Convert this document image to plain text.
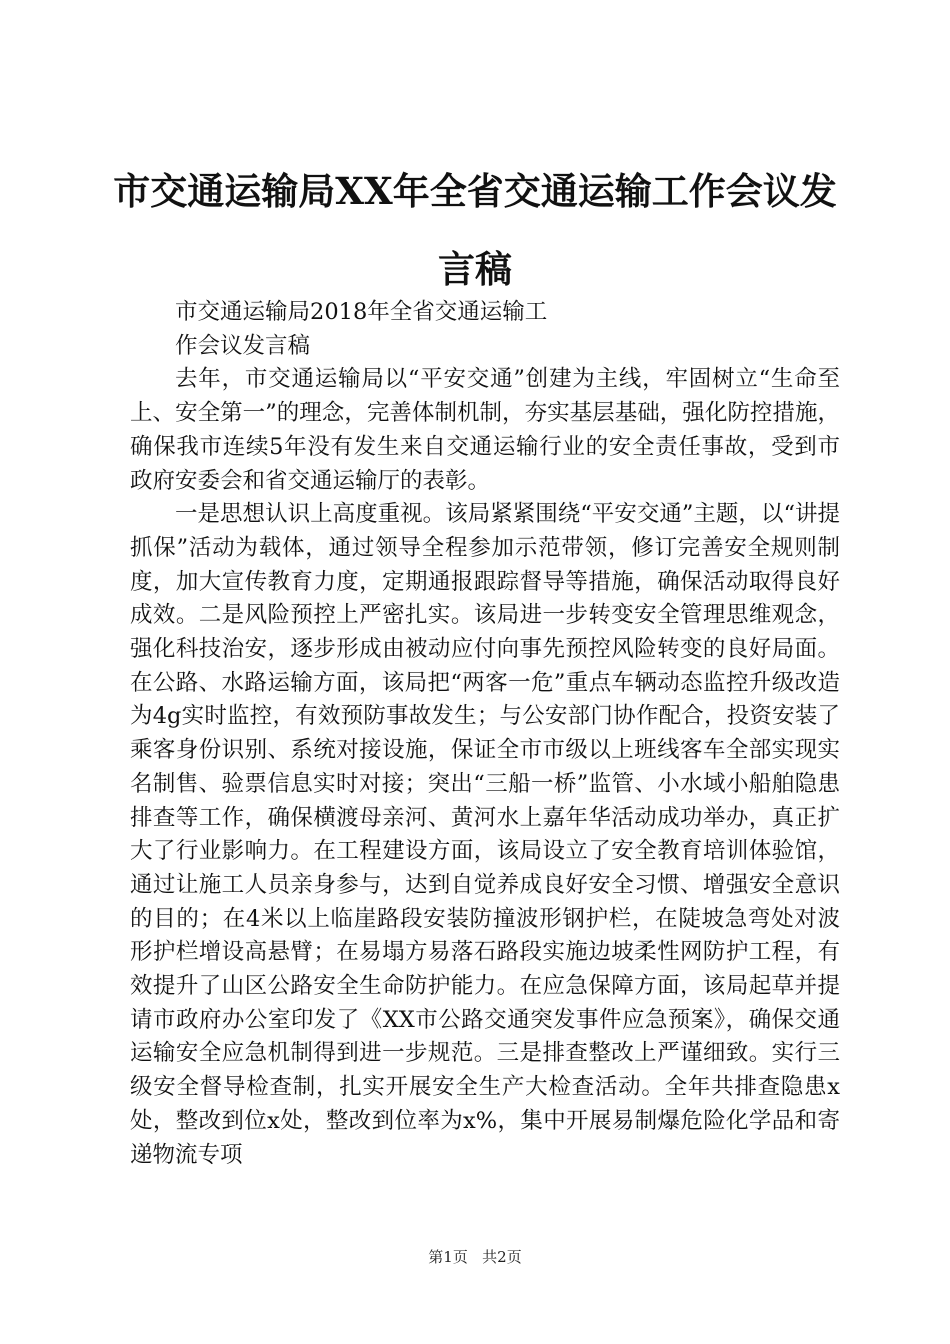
市交通运输局XX年全省交通运输工作会议发言稿

市交通运输局2018年全省交通运输工

作会议发言稿

去年，市交通运输局以“平安交通”创建为主线，牢固树立“生命至上、安全第一”的理念，完善体制机制，夯实基层基础，强化防控措施，确保我市连续5年没有发生来自交通运输行业的安全责任事故，受到市政府安委会和省交通运输厅的表彰。

一是思想认识上高度重视。该局紧紧围绕“平安交通”主题，以“讲提抓保”活动为载体，通过领导全程参加示范带领，修订完善安全规则制度，加大宣传教育力度，定期通报跟踪督导等措施，确保活动取得良好成效。二是风险预控上严密扎实。该局进一步转变安全管理思维观念，强化科技治安，逐步形成由被动应付向事先预控风险转变的良好局面。在公路、水路运输方面，该局把“两客一危”重点车辆动态监控升级改造为4g实时监控，有效预防事故发生；与公安部门协作配合，投资安装了乘客身份识别、系统对接设施，保证全市市级以上班线客车全部实现实名制售、验票信息实时对接；突出“三船一桥”监管、小水域小船舶隐患排查等工作，确保横渡母亲河、黄河水上嘉年华活动成功举办，真正扩大了行业影响力。在工程建设方面，该局设立了安全教育培训体验馆，通过让施工人员亲身参与，达到自觉养成良好安全习惯、增强安全意识的目的；在4米以上临崖路段安装防撞波形钢护栏，在陡坡急弯处对波形护栏增设高悬臂；在易塌方易落石路段实施边坡柔性网防护工程，有效提升了山区公路安全生命防护能力。在应急保障方面，该局起草并提请市政府办公室印发了《XX市公路交通突发事件应急预案》，确保交通运输安全应急机制得到进一步规范。三是排查整改上严谨细致。实行三级安全督导检查制，扎实开展安全生产大检查活动。全年共排查隐患x处，整改到位x处，整改到位率为x%，集中开展易制爆危险化学品和寄递物流专项

第1页 共2页
